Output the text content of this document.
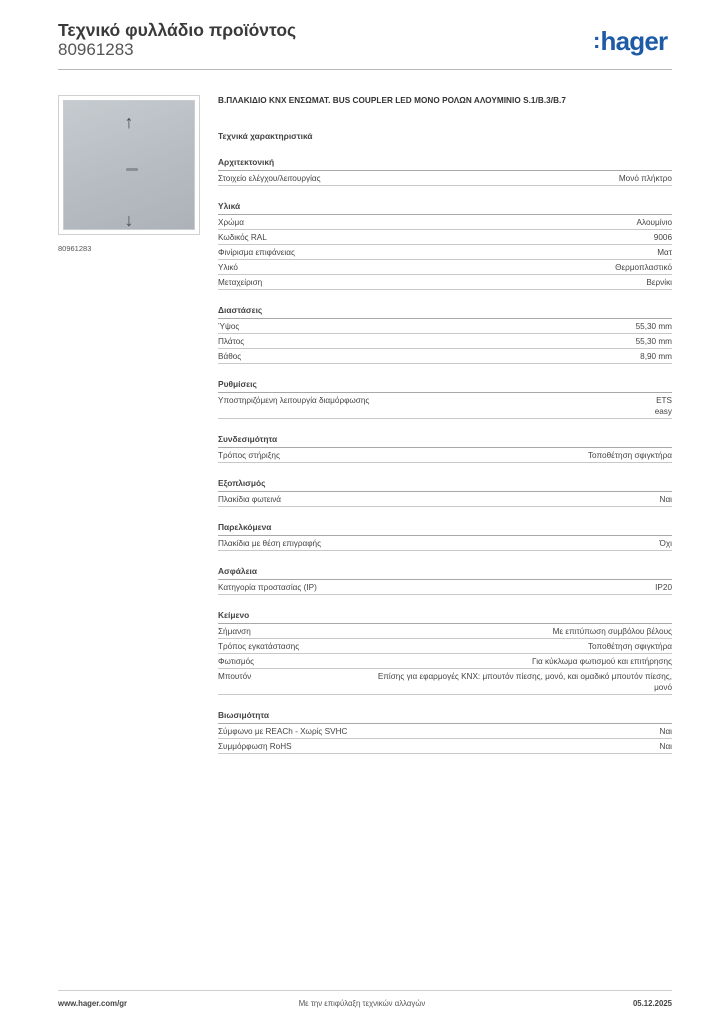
Τεχνικό φυλλάδιο προϊόντος
80961283	:hager
↑
↓
80961283
B.ΠΛΑΚΙΔΙΟ KNX ΕΝΣΩΜΑΤ. BUS COUPLER LED ΜΟΝΟ ΡΟΛΩΝ ΑΛΟΥΜΙΝΙΟ S.1/B.3/B.7
Τεχνικά χαρακτηριστικά
Αρχιτεκτονική
Στοιχείο ελέγχου/λειτουργίας	Μονό πλήκτρο
Υλικά
Χρώμα	Αλουμίνιο
Κωδικός RAL	9006
Φινίρισμα επιφάνειας	Ματ
Υλικό	Θερμοπλαστικό
Μεταχείριση	Βερνίκι
Διαστάσεις
Ύψος	55,30 mm
Πλάτος	55,30 mm
Βάθος	8,90 mm
Ρυθμίσεις
Υποστηριζόμενη λειτουργία διαμόρφωσης	ETS
easy
Συνδεσιμότητα
Τρόπος στήριξης	Τοποθέτηση σφιγκτήρα
Εξοπλισμός
Πλακίδια φωτεινά	Ναι
Παρελκόμενα
Πλακίδια με θέση επιγραφής	Όχι
Ασφάλεια
Κατηγορία προστασίας (IP)	IP20
Κείμενο
Σήμανση	Με επιτύπωση συμβόλου βέλους
Τρόπος εγκατάστασης	Τοποθέτηση σφιγκτήρα
Φωτισμός	Για κύκλωμα φωτισμού και επιτήρησης
Μπουτόν	Επίσης για εφαρμογές KNX: μπουτόν πίεσης, μονό, και ομαδικό μπουτόν πίεσης, μονό
Βιωσιμότητα
Σύμφωνο με REACh - Χωρίς SVHC	Ναι
Συμμόρφωση RoHS	Ναι
www.hager.com/gr	Με την επιφύλαξη τεχνικών αλλαγών	05.12.2025
